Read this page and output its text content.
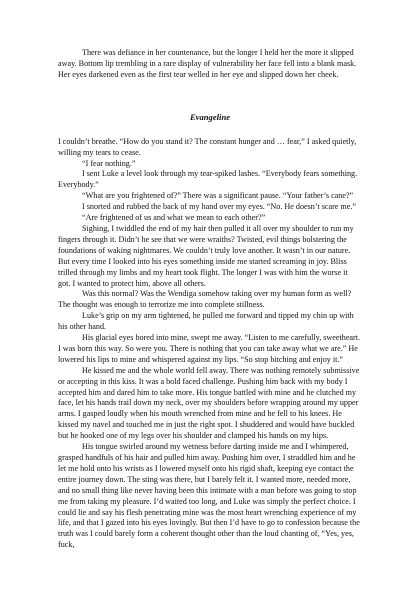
There was defiance in her countenance, but the longer I held her the more it slipped away. Bottom lip trembling in a rare display of vulnerability her face fell into a blank mask. Her eyes darkened even as the first tear welled in her eye and slipped down her cheek.

Evangeline

I couldn’t breathe. “How do you stand it? The constant hunger and … fear,” I asked quietly, willing my tears to cease.

“I fear nothing.”

I sent Luke a level look through my tear-spiked lashes. “Everybody fears something. Everybody.”

“What are you frightened of?” There was a significant pause. “Your father’s cane?”

I snorted and rubbed the back of my hand over my eyes. “No. He doesn’t scare me.”

“Are frightened of us and what we mean to each other?”

Sighing, I twiddled the end of my hair then pulled it all over my shoulder to run my fingers through it. Didn’t he see that we were wraiths? Twisted, evil things bolstering the foundations of waking nightmares. We couldn’t truly love another. It wasn’t in our nature. But every time I looked into his eyes something inside me started screaming in joy. Bliss trilled through my limbs and my heart took flight. The longer I was with him the worse it got. I wanted to protect him, above all others.

Was this normal? Was the Wendiga somehow taking over my human form as well? The thought was enough to terrorize me into complete stillness.

Luke’s grip on my arm tightened, he pulled me forward and tipped my chin up with his other hand.

His glacial eyes bored into mine, swept me away. “Listen to me carefully, sweetheart. I was born this way. So were you. There is nothing that you can take away what we are.” He lowered his lips to mine and whispered against my lips. “So stop bitching and enjoy it.”

He kissed me and the whole world fell away. There was nothing remotely submissive or accepting in this kiss. It was a bold faced challenge. Pushing him back with my body I accepted him and dared him to take more. His tongue battled with mine and he clutched my face, let his hands trail down my neck, over my shoulders before wrapping around my upper arms. I gasped loudly when his mouth wrenched from mine and he fell to his knees. He kissed my navel and touched me in just the right spot. I shuddered and would have buckled but he hooked one of my legs over his shoulder and clamped his hands on my hips.

His tongue swirled around my wetness before darting inside me and I whimpered, grasped handfuls of his hair and pulled him away. Pushing him over, I straddled him and he let me hold onto his wrists as I lowered myself onto his rigid shaft, keeping eye contact the entire journey down. The sting was there, but I barely felt it. I wanted more, needed more, and no small thing like never having been this intimate with a man before was going to stop me from taking my pleasure. I’d waited too long, and Luke was simply the perfect choice. I could lie and say his flesh penetrating mine was the most heart wrenching experience of my life, and that I gazed into his eyes lovingly. But then I’d have to go to confession because the truth was I could barely form a coherent thought other than the loud chanting of, “Yes, yes, fuck,
